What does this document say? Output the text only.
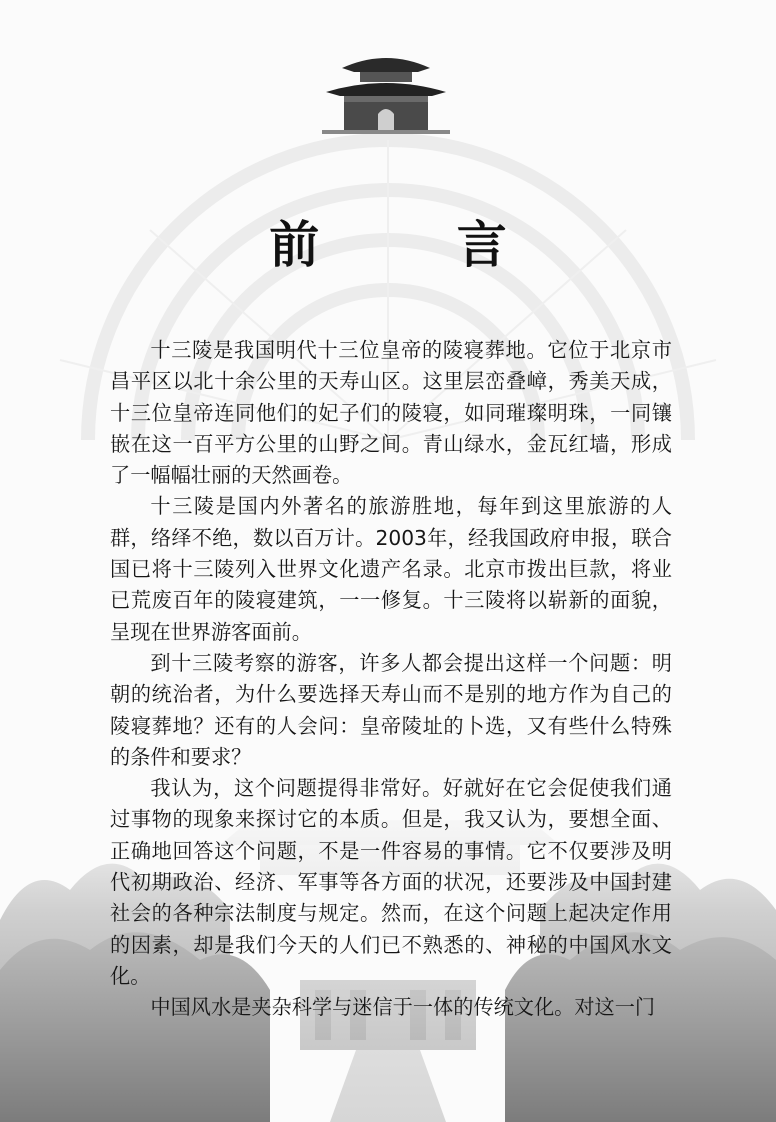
前 言

十三陵是我国明代十三位皇帝的陵寝葬地。它位于北京市昌平区以北十余公里的天寿山区。这里层峦叠嶂，秀美天成，十三位皇帝连同他们的妃子们的陵寝，如同璀璨明珠，一同镶嵌在这一百平方公里的山野之间。青山绿水，金瓦红墙，形成了一幅幅壮丽的天然画卷。

十三陵是国内外著名的旅游胜地，每年到这里旅游的人群，络绎不绝，数以百万计。2003年，经我国政府申报，联合国已将十三陵列入世界文化遗产名录。北京市拨出巨款，将业已荒废百年的陵寝建筑，一一修复。十三陵将以崭新的面貌，呈现在世界游客面前。

到十三陵考察的游客，许多人都会提出这样一个问题：明朝的统治者，为什么要选择天寿山而不是别的地方作为自己的陵寝葬地？还有的人会问：皇帝陵址的卜选，又有些什么特殊的条件和要求？

我认为，这个问题提得非常好。好就好在它会促使我们通过事物的现象来探讨它的本质。但是，我又认为，要想全面、正确地回答这个问题，不是一件容易的事情。它不仅要涉及明代初期政治、经济、军事等各方面的状况，还要涉及中国封建社会的各种宗法制度与规定。然而，在这个问题上起决定作用的因素，却是我们今天的人们已不熟悉的、神秘的中国风水文化。

中国风水是夹杂科学与迷信于一体的传统文化。对这一门
